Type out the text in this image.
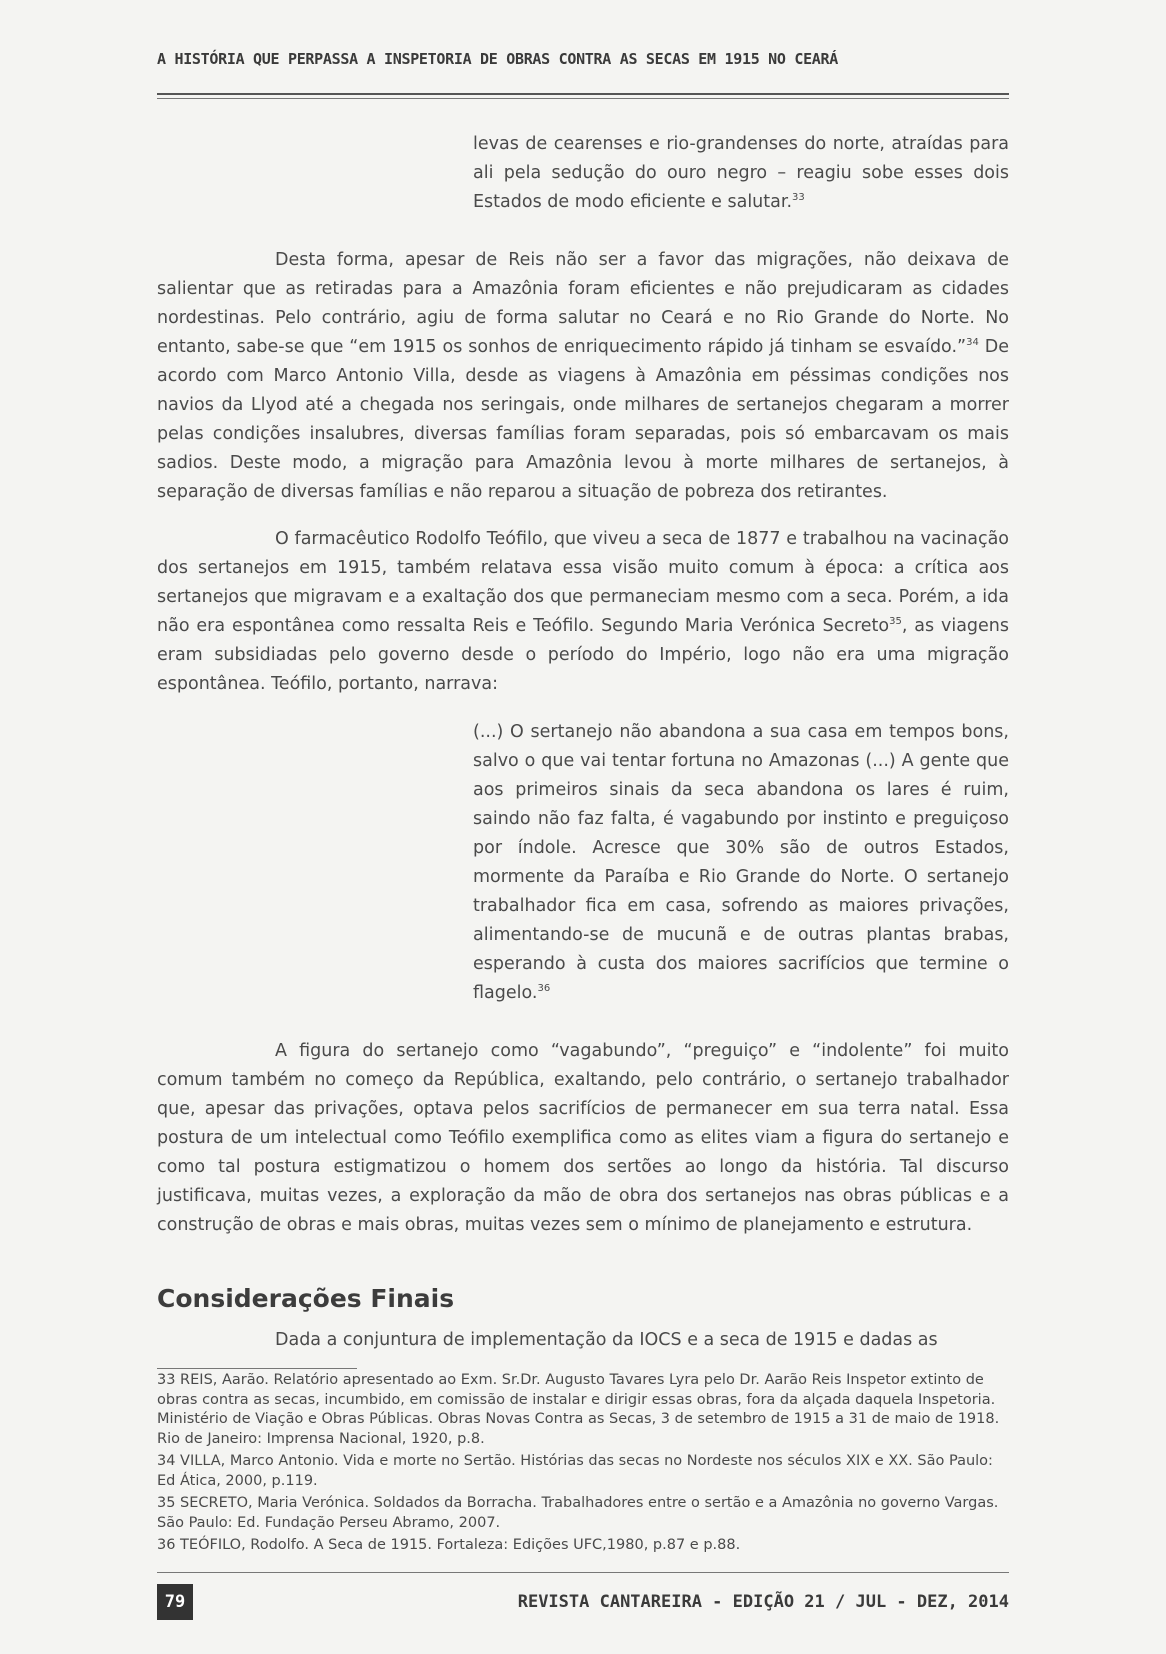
A HISTÓRIA QUE PERPASSA A INSPETORIA DE OBRAS CONTRA AS SECAS EM 1915 NO CEARÁ
levas de cearenses e rio-grandenses do norte, atraídas para ali pela sedução do ouro negro – reagiu sobe esses dois Estados de modo eficiente e salutar.$^{33}$
Desta forma, apesar de Reis não ser a favor das migrações, não deixava de salientar que as retiradas para a Amazônia foram eficientes e não prejudicaram as cidades nordestinas. Pelo contrário, agiu de forma salutar no Ceará e no Rio Grande do Norte. No entanto, sabe-se que “em 1915 os sonhos de enriquecimento rápido já tinham se esvaído.”$^{34}$ De acordo com Marco Antonio Villa, desde as viagens à Amazônia em péssimas condições nos navios da Llyod até a chegada nos seringais, onde milhares de sertanejos chegaram a morrer pelas condições insalubres, diversas famílias foram separadas, pois só embarcavam os mais sadios. Deste modo, a migração para Amazônia levou à morte milhares de sertanejos, à separação de diversas famílias e não reparou a situação de pobreza dos retirantes.
O farmacêutico Rodolfo Teófilo, que viveu a seca de 1877 e trabalhou na vacinação dos sertanejos em 1915, também relatava essa visão muito comum à época: a crítica aos sertanejos que migravam e a exaltação dos que permaneciam mesmo com a seca. Porém, a ida não era espontânea como ressalta Reis e Teófilo. Segundo Maria Verónica Secreto$^{35}$, as viagens eram subsidiadas pelo governo desde o período do Império, logo não era uma migração espontânea. Teófilo, portanto, narrava:
(...) O sertanejo não abandona a sua casa em tempos bons, salvo o que vai tentar fortuna no Amazonas (...) A gente que aos primeiros sinais da seca abandona os lares é ruim, saindo não faz falta, é vagabundo por instinto e preguiçoso por índole. Acresce que 30% são de outros Estados, mormente da Paraíba e Rio Grande do Norte. O sertanejo trabalhador fica em casa, sofrendo as maiores privações, alimentando-se de mucunã e de outras plantas brabas, esperando à custa dos maiores sacrifícios que termine o flagelo.$^{36}$
A figura do sertanejo como “vagabundo”, “preguiço” e “indolente” foi muito comum também no começo da República, exaltando, pelo contrário, o sertanejo trabalhador que, apesar das privações, optava pelos sacrifícios de permanecer em sua terra natal. Essa postura de um intelectual como Teófilo exemplifica como as elites viam a figura do sertanejo e como tal postura estigmatizou o homem dos sertões ao longo da história. Tal discurso justificava, muitas vezes, a exploração da mão de obra dos sertanejos nas obras públicas e a construção de obras e mais obras, muitas vezes sem o mínimo de planejamento e estrutura.
Considerações Finais
Dada a conjuntura de implementação da IOCS e a seca de 1915 e dadas as

33 REIS, Aarão. Relatório apresentado ao Exm. Sr.Dr. Augusto Tavares Lyra pelo Dr. Aarão Reis Inspetor extinto de obras contra as secas, incumbido, em comissão de instalar e dirigir essas obras, fora da alçada daquela Inspetoria. Ministério de Viação e Obras Públicas. Obras Novas Contra as Secas, 3 de setembro de 1915 a 31 de maio de 1918. Rio de Janeiro: Imprensa Nacional, 1920, p.8.

34 VILLA, Marco Antonio. Vida e morte no Sertão. Histórias das secas no Nordeste nos séculos XIX e XX. São Paulo: Ed Ática, 2000, p.119.

35 SECRETO, Maria Verónica. Soldados da Borracha. Trabalhadores entre o sertão e a Amazônia no governo Vargas. São Paulo: Ed. Fundação Perseu Abramo, 2007.

36 TEÓFILO, Rodolfo. A Seca de 1915. Fortaleza: Edições UFC,1980, p.87 e p.88.

79	REVISTA CANTAREIRA - EDIÇÃO 21 / JUL - DEZ, 2014
